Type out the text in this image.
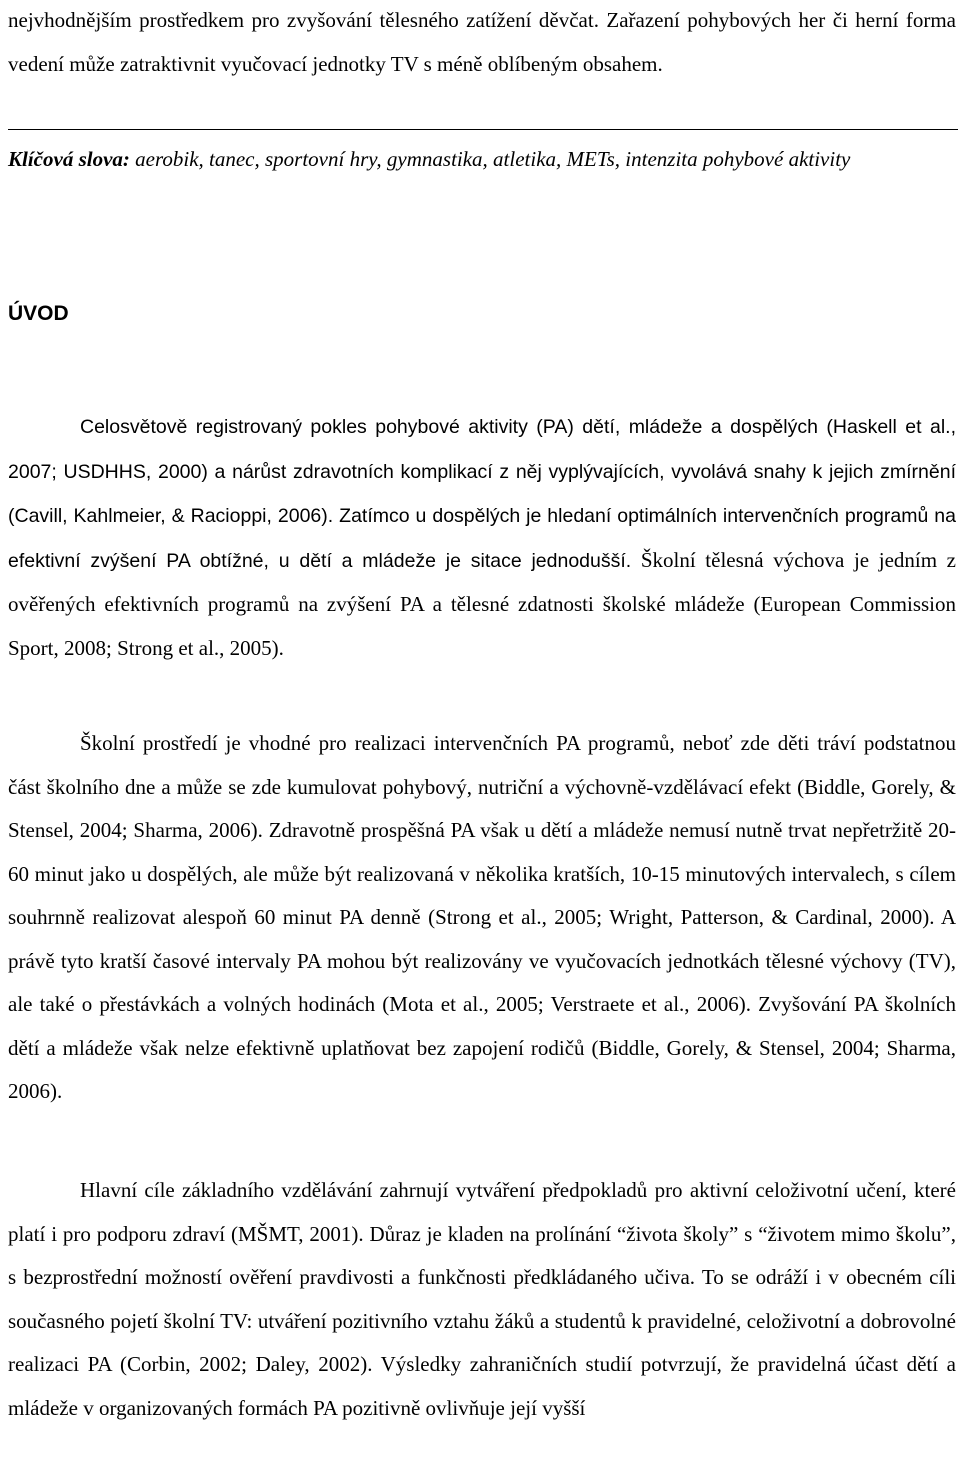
nejvhodnějším prostředkem pro zvyšování tělesného zatížení děvčat. Zařazení pohybových her či herní forma vedení může zatraktivnit vyučovací jednotky TV s méně oblíbeným obsahem.

Klíčová slova: aerobik, tanec, sportovní hry, gymnastika, atletika, METs, intenzita pohybové aktivity

ÚVOD

Celosvětově registrovaný pokles pohybové aktivity (PA) dětí, mládeže a dospělých (Haskell et al., 2007; USDHHS, 2000) a nárůst zdravotních komplikací z něj vyplývajících, vyvolává snahy k jejich zmírnění (Cavill, Kahlmeier, & Racioppi, 2006). Zatímco u dospělých je hledaní optimálních intervenčních programů na efektivní zvýšení PA obtížné, u dětí a mládeže je sitace jednodušší. Školní tělesná výchova je jedním z ověřených efektivních programů na zvýšení PA a tělesné zdatnosti školské mládeže (European Commission Sport, 2008; Strong et al., 2005).

Školní prostředí je vhodné pro realizaci intervenčních PA programů, neboť zde děti tráví podstatnou část školního dne a může se zde kumulovat pohybový, nutriční a výchovně-vzdělávací efekt (Biddle, Gorely, & Stensel, 2004; Sharma, 2006). Zdravotně prospěšná PA však u dětí a mládeže nemusí nutně trvat nepřetržitě 20-60 minut jako u dospělých, ale může být realizovaná v několika kratších, 10-15 minutových intervalech, s cílem souhrnně realizovat alespoň 60 minut PA denně (Strong et al., 2005; Wright, Patterson, & Cardinal, 2000). A právě tyto kratší časové intervaly PA mohou být realizovány ve vyučovacích jednotkách tělesné výchovy (TV), ale také o přestávkách a volných hodinách (Mota et al., 2005; Verstraete et al., 2006). Zvyšování PA školních dětí a mládeže však nelze efektivně uplatňovat bez zapojení rodičů (Biddle, Gorely, & Stensel, 2004; Sharma, 2006).

Hlavní cíle základního vzdělávání zahrnují vytváření předpokladů pro aktivní celoživotní učení, které platí i pro podporu zdraví (MŠMT, 2001). Důraz je kladen na prolínání “života školy” s “životem mimo školu”, s bezprostřední možností ověření pravdivosti a funkčnosti předkládaného učiva. To se odráží i v obecném cíli současného pojetí školní TV: utváření pozitivního vztahu žáků a studentů k pravidelné, celoživotní a dobrovolné realizaci PA (Corbin, 2002; Daley, 2002). Výsledky zahraničních studií potvrzují, že pravidelná účast dětí a mládeže v organizovaných formách PA pozitivně ovlivňuje její vyšší
